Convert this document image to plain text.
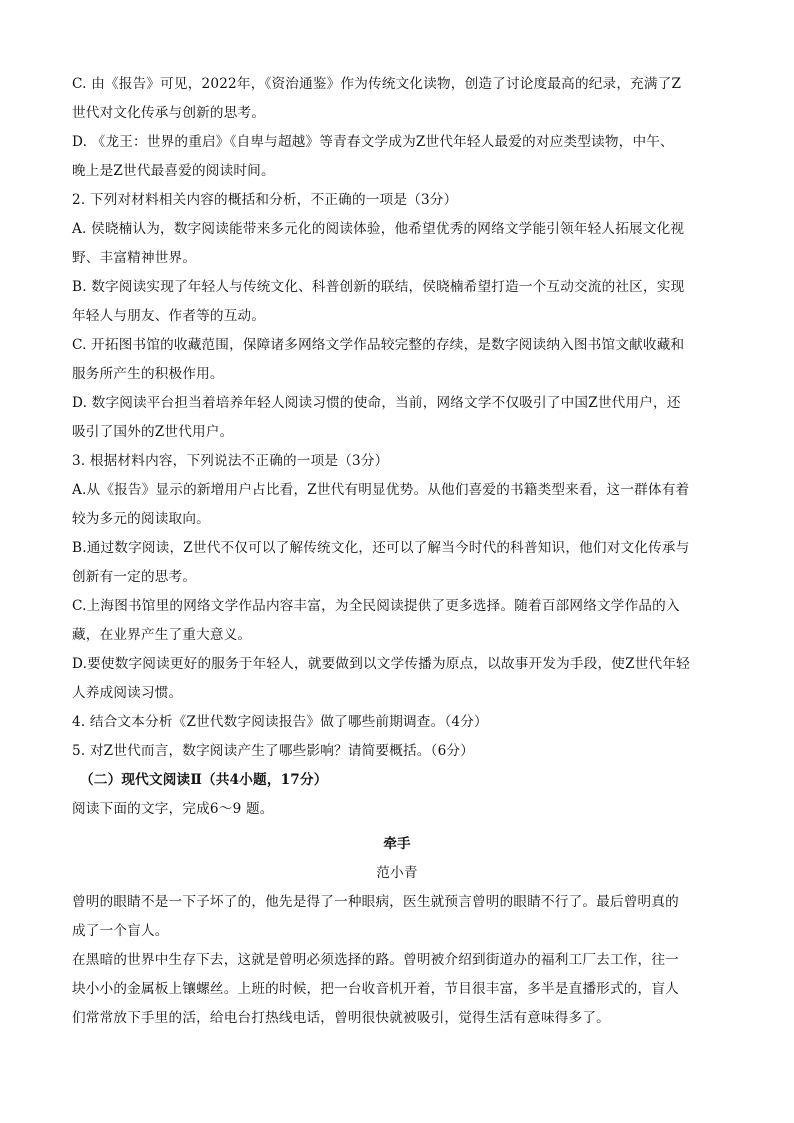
C. 由《报告》可见，2022年，《资治通鉴》作为传统文化读物，创造了讨论度最高的纪录，充满了Z
世代对文化传承与创新的思考。
D. 《龙王：世界的重启》《自卑与超越》等青春文学成为Z世代年轻人最爱的对应类型读物，中午、
晚上是Z世代最喜爱的阅读时间。
2. 下列对材料相关内容的概括和分析，不正确的一项是（3分）
A. 侯晓楠认为，数字阅读能带来多元化的阅读体验，他希望优秀的网络文学能引领年轻人拓展文化视
野、丰富精神世界。
B. 数字阅读实现了年轻人与传统文化、科普创新的联结，侯晓楠希望打造一个互动交流的社区，实现
年轻人与朋友、作者等的互动。
C. 开拓图书馆的收藏范围，保障诸多网络文学作品较完整的存续，是数字阅读纳入图书馆文献收藏和
服务所产生的积极作用。
D. 数字阅读平台担当着培养年轻人阅读习惯的使命，当前，网络文学不仅吸引了中国Z世代用户，还
吸引了国外的Z世代用户。
3. 根据材料内容，下列说法不正确的一项是（3分）
A.从《报告》显示的新增用户占比看，Z世代有明显优势。从他们喜爱的书籍类型来看，这一群体有着
较为多元的阅读取向。
B.通过数字阅读，Z世代不仅可以了解传统文化，还可以了解当今时代的科普知识，他们对文化传承与
创新有一定的思考。
C.上海图书馆里的网络文学作品内容丰富，为全民阅读提供了更多选择。随着百部网络文学作品的入
藏，在业界产生了重大意义。
D.要使数字阅读更好的服务于年轻人，就要做到以文学传播为原点，以故事开发为手段，使Z世代年轻
人养成阅读习惯。
4. 结合文本分析《Z世代数字阅读报告》做了哪些前期调查。（4分）
5. 对Z世代而言，数字阅读产生了哪些影响？请简要概括。（6分）
（二）现代文阅读Ⅱ（共4小题，17分）
阅读下面的文字，完成6～9 题。
牵手
范小青
曾明的眼睛不是一下子坏了的，他先是得了一种眼病，医生就预言曾明的眼睛不行了。最后曾明真的
成了一个盲人。
在黑暗的世界中生存下去，这就是曾明必须选择的路。曾明被介绍到街道办的福利工厂去工作，往一
块小小的金属板上镶螺丝。上班的时候，把一台收音机开着，节目很丰富，多半是直播形式的，盲人
们常常放下手里的活，给电台打热线电话，曾明很快就被吸引，觉得生活有意味得多了。
